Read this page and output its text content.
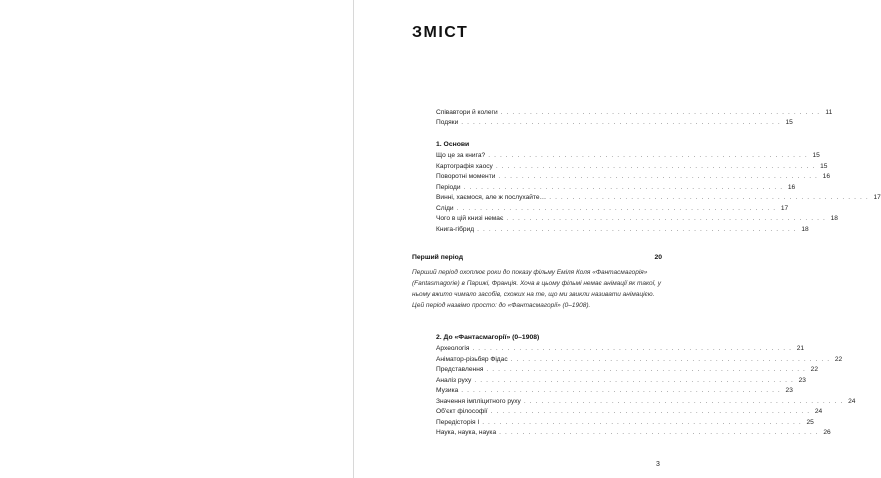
ЗМІСТ
Співавтори й колеги . . . . . . . . . . . . . . . . . . . . . . . . . . . . . . . . . . . . . . . . . . . . . . . . . . . . . . . 11
Подяки . . . . . . . . . . . . . . . . . . . . . . . . . . . . . . . . . . . . . . . . . . . . . . . . . . . . . . . 15
1. Основи
Що це за книга? . . . . . . . . . . . . . . . . . . . . . . . . . . . . . . . . . . . . . . . . . . . . . . . . . . . . . . . 15
Картографія хаосу . . . . . . . . . . . . . . . . . . . . . . . . . . . . . . . . . . . . . . . . . . . . . . . . . . . . . . . 15
Поворотні моменти . . . . . . . . . . . . . . . . . . . . . . . . . . . . . . . . . . . . . . . . . . . . . . . . . . . . . . . 16
Періоди . . . . . . . . . . . . . . . . . . . . . . . . . . . . . . . . . . . . . . . . . . . . . . . . . . . . . . . 16
Винні, хаємося, але ж послухайте… . . . . . . . . . . . . . . . . . . . . . . . . . . . . . . . . . . . . . . . . . . . . . . . . . . . . . . . 17
Сліди . . . . . . . . . . . . . . . . . . . . . . . . . . . . . . . . . . . . . . . . . . . . . . . . . . . . . . . 17
Чого в цій книзі немає . . . . . . . . . . . . . . . . . . . . . . . . . . . . . . . . . . . . . . . . . . . . . . . . . . . . . . . 18
Книга-гібрид . . . . . . . . . . . . . . . . . . . . . . . . . . . . . . . . . . . . . . . . . . . . . . . . . . . . . . . 18
Перший період	20
Перший період охоплює роки до показу фільму Еміля Коля «Фантасмагорія» (Fantasmagorie) в Парижі, Франція. Хоча в цьому фільмі немає анімації як такої, у ньому вжито чимало засобів, схожих на те, що ми звикли називати анімацією. Цей період назвімо просто: до «Фантасмагорії» (0–1908).
2. До «Фантасмагорії» (0–1908)
Археологія . . . . . . . . . . . . . . . . . . . . . . . . . . . . . . . . . . . . . . . . . . . . . . . . . . . . . . . 21
Аніматор-різьбяр Фідас . . . . . . . . . . . . . . . . . . . . . . . . . . . . . . . . . . . . . . . . . . . . . . . . . . . . . . . 22
Представлення . . . . . . . . . . . . . . . . . . . . . . . . . . . . . . . . . . . . . . . . . . . . . . . . . . . . . . . 22
Аналіз руху . . . . . . . . . . . . . . . . . . . . . . . . . . . . . . . . . . . . . . . . . . . . . . . . . . . . . . . 23
Музика . . . . . . . . . . . . . . . . . . . . . . . . . . . . . . . . . . . . . . . . . . . . . . . . . . . . . . . 23
Значення імпліцитного руху . . . . . . . . . . . . . . . . . . . . . . . . . . . . . . . . . . . . . . . . . . . . . . . . . . . . . . . 24
Об'єкт філософії . . . . . . . . . . . . . . . . . . . . . . . . . . . . . . . . . . . . . . . . . . . . . . . . . . . . . . . 24
Передісторія І . . . . . . . . . . . . . . . . . . . . . . . . . . . . . . . . . . . . . . . . . . . . . . . . . . . . . . . 25
Наука, наука, наука . . . . . . . . . . . . . . . . . . . . . . . . . . . . . . . . . . . . . . . . . . . . . . . . . . . . . . . 26
3
